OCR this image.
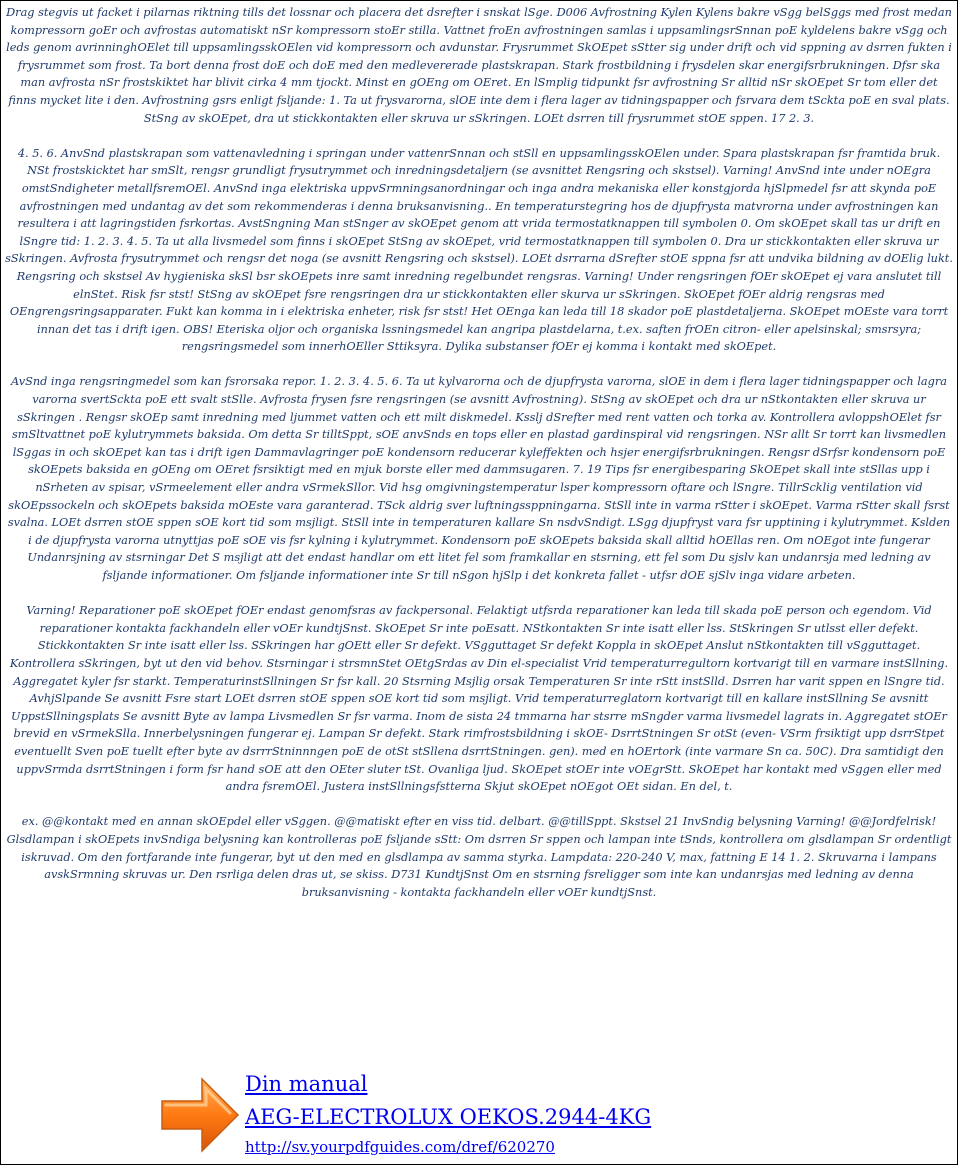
Drag stegvis ut facket i pilarnas riktning tills det lossnar och placera det dsrefter i snskat lSge. D006 Avfrostning Kylen Kylens bakre vSgg belSggs med frost medan kompressorn goEr och avfrostas automatiskt nSr kompressorn stoEr stilla. Vattnet froEn avfrostningen samlas i uppsamlingsrSnnan poE kyldelens bakre vSgg och leds genom avrinninghOElet till uppsamlingsskOElen vid kompressorn och avdunstar. Frysrummet SkOEpet sStter sig under drift och vid sppning av dsrren fukten i frysrummet som frost. Ta bort denna frost doE och doE med den medlevererade plastskrapan. Stark frostbildning i frysdelen skar energifsrbrukningen. Dfsr ska man avfrosta nSr frostskiktet har blivit cirka 4 mm tjockt. Minst en gOEng om OEret. En lSmplig tidpunkt fsr avfrostning Sr alltid nSr skOEpet Sr tom eller det finns mycket lite i den. Avfrostning gsrs enligt fsljande: 1. Ta ut frysvarorna, slOE inte dem i flera lager av tidningspapper och fsrvara dem tSckta poE en sval plats. StSng av skOEpet, dra ut stickkontakten eller skruva ur sSkringen. LOEt dsrren till frysrummet stOE sppen. 17 2. 3.

4. 5. 6. AnvSnd plastskrapan som vattenavledning i springan under vattenrSnnan och stSll en uppsamlingsskOElen under. Spara plastskrapan fsr framtida bruk. NSt frostskicktet har smSlt, rengsr grundligt frysutrymmet och inredningsdetaljern (se avsnittet Rengsring och skstsel). Varning! AnvSnd inte under nOEgra omstSndigheter metallfsremOEl. AnvSnd inga elektriska uppvSrmningsanordningar och inga andra mekaniska eller konstgjorda hjSlpmedel fsr att skynda poE avfrostningen med undantag av det som rekommenderas i denna bruksanvisning.. En temperaturstegring hos de djupfrysta matvrorna under avfrostningen kan resultera i att lagringstiden fsrkortas. AvstSngning Man stSnger av skOEpet genom att vrida termostatknappen till symbolen 0. Om skOEpet skall tas ur drift en lSngre tid: 1. 2. 3. 4. 5. Ta ut alla livsmedel som finns i skOEpet StSng av skOEpet, vrid termostatknappen till symbolen 0. Dra ur stickkontakten eller skruva ur sSkringen. Avfrosta frysutrymmet och rengsr det noga (se avsnitt Rengsring och skstsel). LOEt dsrrarna dSrefter stOE sppna fsr att undvika bildning av dOElig lukt. Rengsring och skstsel Av hygieniska skSl bsr skOEpets inre samt inredning regelbundet rengsras. Varning! Under rengsringen fOEr skOEpet ej vara anslutet till elnStet. Risk fsr stst! StSng av skOEpet fsre rengsringen dra ur stickkontakten eller skurva ur sSkringen. SkOEpet fOEr aldrig rengsras med OEngrengsringsapparater. Fukt kan komma in i elektriska enheter, risk fsr stst! Het OEnga kan leda till 18 skador poE plastdetaljerna. SkOEpet mOEste vara torrt innan det tas i drift igen. OBS! Eteriska oljor och organiska lssningsmedel kan angripa plastdelarna, t.ex. saften frOEn citron- eller apelsinskal; smsrsyra; rengsringsmedel som innerhOEller Sttiksyra. Dylika substanser fOEr ej komma i kontakt med skOEpet.

AvSnd inga rengsringmedel som kan fsrorsaka repor. 1. 2. 3. 4. 5. 6. Ta ut kylvarorna och de djupfrysta varorna, slOE in dem i flera lager tidningspapper och lagra varorna svertSckta poE ett svalt stSlle. Avfrosta frysen fsre rengsringen (se avsnitt Avfrostning). StSng av skOEpet och dra ur nStkontakten eller skruva ur sSkringen . Rengsr skOEp samt inredning med ljummet vatten och ett milt diskmedel. Ksslj dSrefter med rent vatten och torka av. Kontrollera avloppshOElet fsr smSltvattnet poE kylutrymmets baksida. Om detta Sr tilltSppt, sOE anvSnds en tops eller en plastad gardinspiral vid rengsringen. NSr allt Sr torrt kan livsmedlen lSggas in och skOEpet kan tas i drift igen Dammavlagringer poE kondensorn reducerar kyleffekten och hsjer energifsrbrukningen. Rengsr dSrfsr kondensorn poE skOEpets baksida en gOEng om OEret fsrsiktigt med en mjuk borste eller med dammsugaren. 7. 19 Tips fsr energibesparing SkOEpet skall inte stSllas upp i nSrheten av spisar, vSrmeelement eller andra vSrmekSllor. Vid hsg omgivningstemperatur lsper kompressorn oftare och lSngre. TillrScklig ventilation vid skOEpssockeln och skOEpets baksida mOEste vara garanterad. TSck aldrig sver luftningssppningarna. StSll inte in varma rStter i skOEpet. Varma rStter skall fsrst svalna. LOEt dsrren stOE sppen sOE kort tid som msjligt. StSll inte in temperaturen kallare Sn nsdvSndigt. LSgg djupfryst vara fsr upptining i kylutrymmet. Kslden i de djupfrysta varorna utnyttjas poE sOE vis fsr kylning i kylutrymmet. Kondensorn poE skOEpets baksida skall alltid hOEllas ren. Om nOEgot inte fungerar Undanrsjning av stsrningar Det S msjligt att det endast handlar om ett litet fel som framkallar en stsrning, ett fel som Du sjslv kan undanrsja med ledning av fsljande informationer. Om fsljande informationer inte Sr till nSgon hjSlp i det konkreta fallet - utfsr dOE sjSlv inga vidare arbeten.

Varning! Reparationer poE skOEpet fOEr endast genomfsras av fackpersonal. Felaktigt utfsrda reparationer kan leda till skada poE person och egendom. Vid reparationer kontakta fackhandeln eller vOEr kundtjSnst. SkOEpet Sr inte poEsatt. NStkontakten Sr inte isatt eller lss. StSkringen Sr utlsst eller defekt. Stickkontakten Sr inte isatt eller lss. SSkringen har gOEtt eller Sr defekt. VSgguttaget Sr defekt Koppla in skOEpet Anslut nStkontakten till vSgguttaget. Kontrollera sSkringen, byt ut den vid behov. Stsrningar i strsmnStet OEtgSrdas av Din el-specialist Vrid temperaturregultorn kortvarigt till en varmare instSllning. Aggregatet kyler fsr starkt. TemperaturinstSllningen Sr fsr kall. 20 Stsrning Msjlig orsak Temperaturen Sr inte rStt instSlld. Dsrren har varit sppen en lSngre tid. AvhjSlpande Se avsnitt Fsre start LOEt dsrren stOE sppen sOE kort tid som msjligt. Vrid temperaturreglatorn kortvarigt till en kallare instSllning Se avsnitt UppstSllningsplats Se avsnitt Byte av lampa Livsmedlen Sr fsr varma. Inom de sista 24 tmmarna har stsrre mSngder varma livsmedel lagrats in. Aggregatet stOEr brevid en vSrmekSlla. Innerbelysningen fungerar ej. Lampan Sr defekt. Stark rimfrostsbildning i skOE- DsrrtStningen Sr otSt (even- VSrm frsiktigt upp dsrrStpet eventuellt Sven poE tuellt efter byte av dsrrrStninnngen poE de otSt stSllena dsrrtStningen. gen). med en hOErtork (inte varmare Sn ca. 50C). Dra samtidigt den uppvSrmda dsrrtStningen i form fsr hand sOE att den OEter sluter tSt. Ovanliga ljud. SkOEpet stOEr inte vOEgrStt. SkOEpet har kontakt med vSggen eller med andra fsremOEl. Justera instSllningsfstterna Skjut skOEpet nOEgot OEt sidan. En del, t.

ex. @@kontakt med en annan skOEpdel eller vSggen. @@matiskt efter en viss tid. delbart. @@tillSppt. Skstsel 21 InvSndig belysning Varning! @@Jordfelrisk! Glsdlampan i skOEpets invSndiga belysning kan kontrolleras poE fsljande sStt: Om dsrren Sr sppen och lampan inte tSnds, kontrollera om glsdlampan Sr ordentligt iskruvad. Om den fortfarande inte fungerar, byt ut den med en glsdlampa av samma styrka. Lampdata: 220-240 V, max, fattning E 14 1. 2. Skruvarna i lampans avskSrmning skruvas ur. Den rsrliga delen dras ut, se skiss. D731 KundtjSnst Om en stsrning fsreligger som inte kan undanrsjas med ledning av denna bruksanvisning - kontakta fackhandeln eller vOEr kundtjSnst.

Din manual
AEG-ELECTROLUX OEKOS.2944-4KG
http://sv.yourpdfguides.com/dref/620270
